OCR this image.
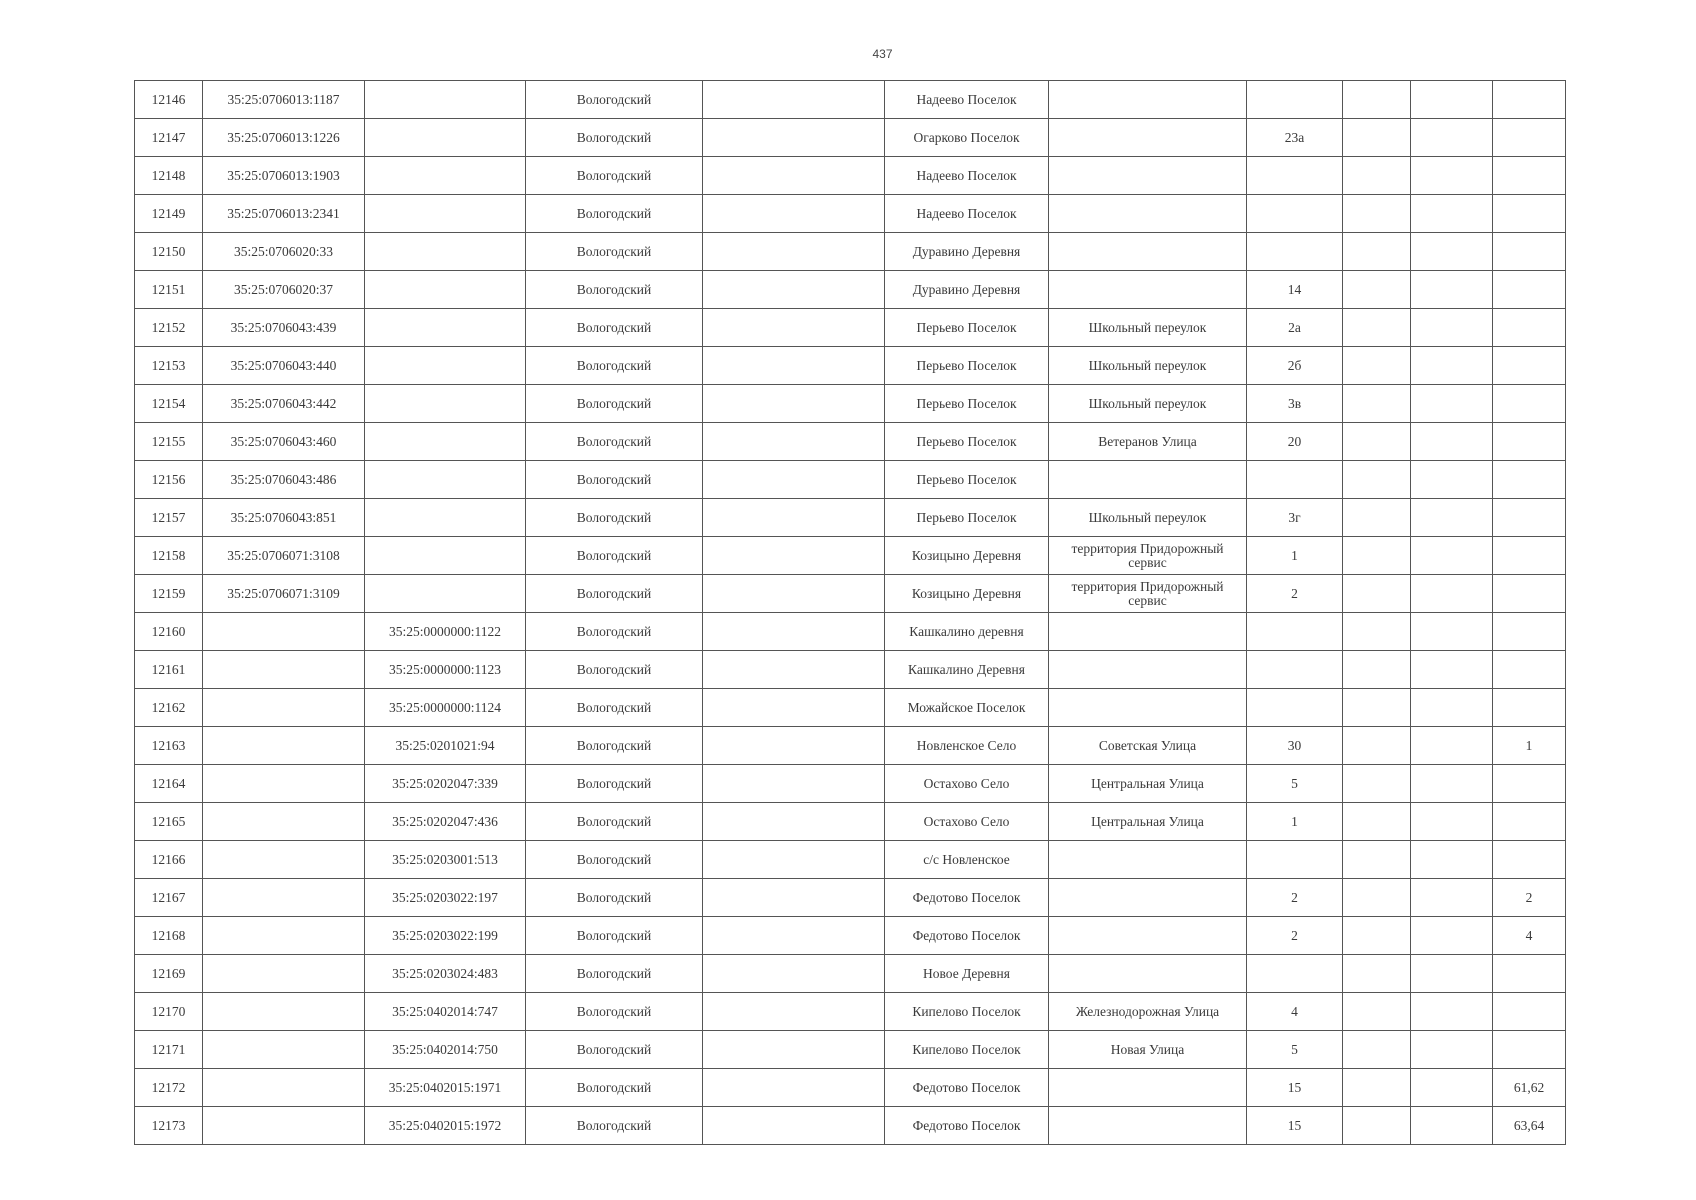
437
12146	35:25:0706013:1187		Вологодский		Надеево Поселок					
12147	35:25:0706013:1226		Вологодский		Огарково Поселок		23а			
12148	35:25:0706013:1903		Вологодский		Надеево Поселок					
12149	35:25:0706013:2341		Вологодский		Надеево Поселок					
12150	35:25:0706020:33		Вологодский		Дуравино Деревня					
12151	35:25:0706020:37		Вологодский		Дуравино Деревня		14			
12152	35:25:0706043:439		Вологодский		Перьево Поселок	Школьный переулок	2а			
12153	35:25:0706043:440		Вологодский		Перьево Поселок	Школьный переулок	2б			
12154	35:25:0706043:442		Вологодский		Перьево Поселок	Школьный переулок	3в			
12155	35:25:0706043:460		Вологодский		Перьево Поселок	Ветеранов Улица	20			
12156	35:25:0706043:486		Вологодский		Перьево Поселок					
12157	35:25:0706043:851		Вологодский		Перьево Поселок	Школьный переулок	3г			
12158	35:25:0706071:3108		Вологодский		Козицыно Деревня	территория Придорожный сервис	1			
12159	35:25:0706071:3109		Вологодский		Козицыно Деревня	территория Придорожный сервис	2			
12160		35:25:0000000:1122	Вологодский		Кашкалино деревня					
12161		35:25:0000000:1123	Вологодский		Кашкалино Деревня					
12162		35:25:0000000:1124	Вологодский		Можайское Поселок					
12163		35:25:0201021:94	Вологодский		Новленское Село	Советская Улица	30			1
12164		35:25:0202047:339	Вологодский		Остахово Село	Центральная Улица	5			
12165		35:25:0202047:436	Вологодский		Остахово Село	Центральная Улица	1			
12166		35:25:0203001:513	Вологодский		с/с Новленское					
12167		35:25:0203022:197	Вологодский		Федотово Поселок		2			2
12168		35:25:0203022:199	Вологодский		Федотово Поселок		2			4
12169		35:25:0203024:483	Вологодский		Новое Деревня					
12170		35:25:0402014:747	Вологодский		Кипелово Поселок	Железнодорожная Улица	4			
12171		35:25:0402014:750	Вологодский		Кипелово Поселок	Новая Улица	5			
12172		35:25:0402015:1971	Вологодский		Федотово Поселок		15			61,62
12173		35:25:0402015:1972	Вологодский		Федотово Поселок		15			63,64
